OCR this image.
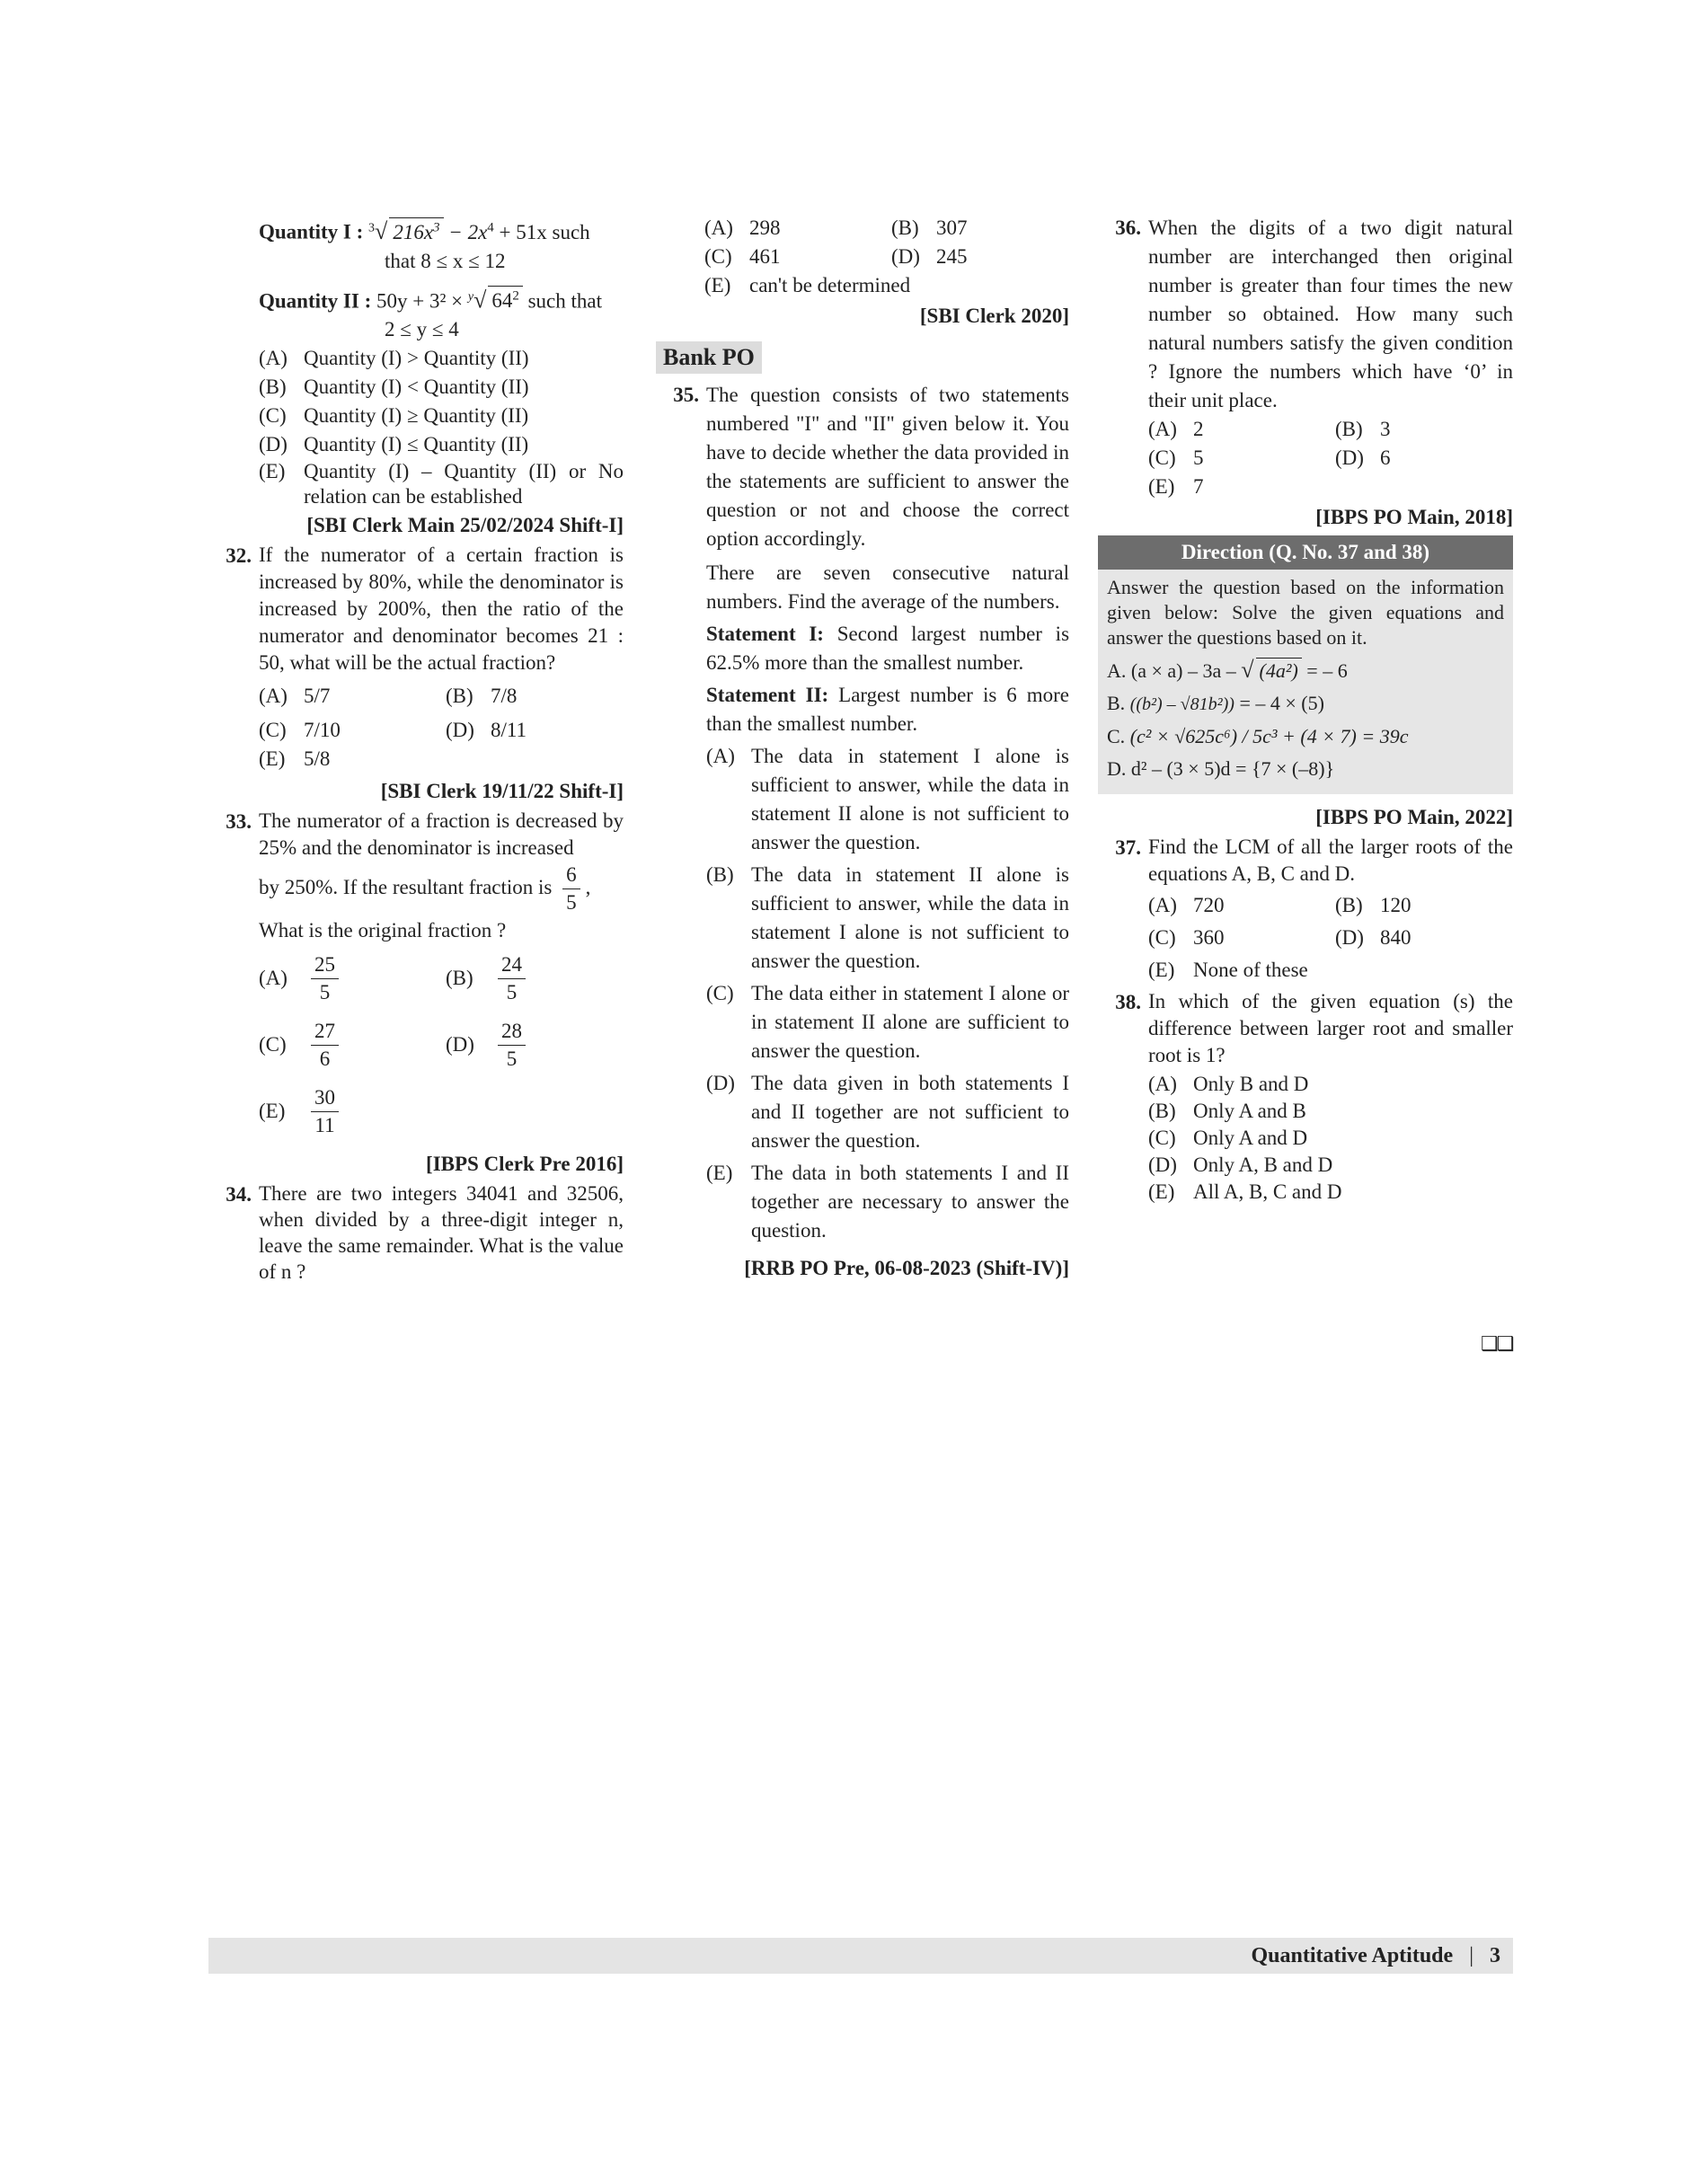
Quantity I : $^3$√ $216x^3 - 2x^4 + 51x$ such
that 8 ≤ x ≤ 12
Quantity II : 50y + 3² × $^y$√ $64^2$ such that
2 ≤ y ≤ 4
(A) Quantity (I) > Quantity (II)
(B) Quantity (I) < Quantity (II)
(C) Quantity (I) ≥ Quantity (II)
(D) Quantity (I) ≤ Quantity (II)
(E) Quantity (I) – Quantity (II) or No relation can be established
[SBI Clerk Main 25/02/2024 Shift-I]
32. If the numerator of a certain fraction is increased by 80%, while the denominator is increased by 200%, then the ratio of the numerator and denominator becomes 21 : 50, what will be the actual fraction?
(A) 5/7	(B) 7/8
(C) 7/10	(D) 8/11
(E) 5/8
[SBI Clerk 19/11/22 Shift-I]
33. The numerator of a fraction is decreased by 25% and the denominator is increased
by 250%. If the resultant fraction is $\frac{6}{5}$ ,
What is the original fraction ?
(A)	$\frac{25}{5}$	(B)	$\frac{24}{5}$
(C)	$\frac{27}{6}$	(D)	$\frac{28}{5}$
(E)	$\frac{30}{11}$
[IBPS Clerk Pre 2016]
34. There are two integers 34041 and 32506, when divided by a three-digit integer n, leave the same remainder. What is the value of n ?
(A) 298	(B) 307
(C) 461	(D) 245
(E) can't be determined
[SBI Clerk 2020]
Bank PO
35. The question consists of two statements numbered "I" and "II" given below it. You have to decide whether the data provided in the statements are sufficient to answer the question or not and choose the correct option accordingly.
There are seven consecutive natural numbers. Find the average of the numbers.
Statement I: Second largest number is 62.5% more than the smallest number.
Statement II: Largest number is 6 more than the smallest number.
(A) The data in statement I alone is sufficient to answer, while the data in statement II alone is not sufficient to answer the question.
(B) The data in statement II alone is sufficient to answer, while the data in statement I alone is not sufficient to answer the question.
(C) The data either in statement I alone or in statement II alone are sufficient to answer the question.
(D) The data given in both statements I and II together are not sufficient to answer the question.
(E) The data in both statements I and II together are necessary to answer the question.
[RRB PO Pre, 06-08-2023 (Shift-IV)]
36. When the digits of a two digit natural number are interchanged then original number is greater than four times the new number so obtained. How many such natural numbers satisfy the given condition ? Ignore the numbers which have ‘0’ in their unit place.
(A) 2	(B) 3
(C) 5	(D) 6
(E) 7
[IBPS PO Main, 2018]
Direction (Q. No. 37 and 38)
Answer the question based on the information given below: Solve the given equations and answer the questions based on it.
A. (a × a) – 3a – √ (4a²) = – 6
B. ((b²) – √81b²)) = – 4 × (5)
C. (c² × √625c⁶) / 5c³ + (4 × 7) = 39c
D. d² – (3 × 5)d = {7 × (–8)}
[IBPS PO Main, 2022]
37. Find the LCM of all the larger roots of the equations A, B, C and D.
(A) 720	(B) 120
(C) 360	(D) 840
(E) None of these
38. In which of the given equation (s) the difference between larger root and smaller root is 1?
(A) Only B and D
(B) Only A and B
(C) Only A and D
(D) Only A, B and D
(E) All A, B, C and D
❑❑
Quantitative Aptitude | 3
